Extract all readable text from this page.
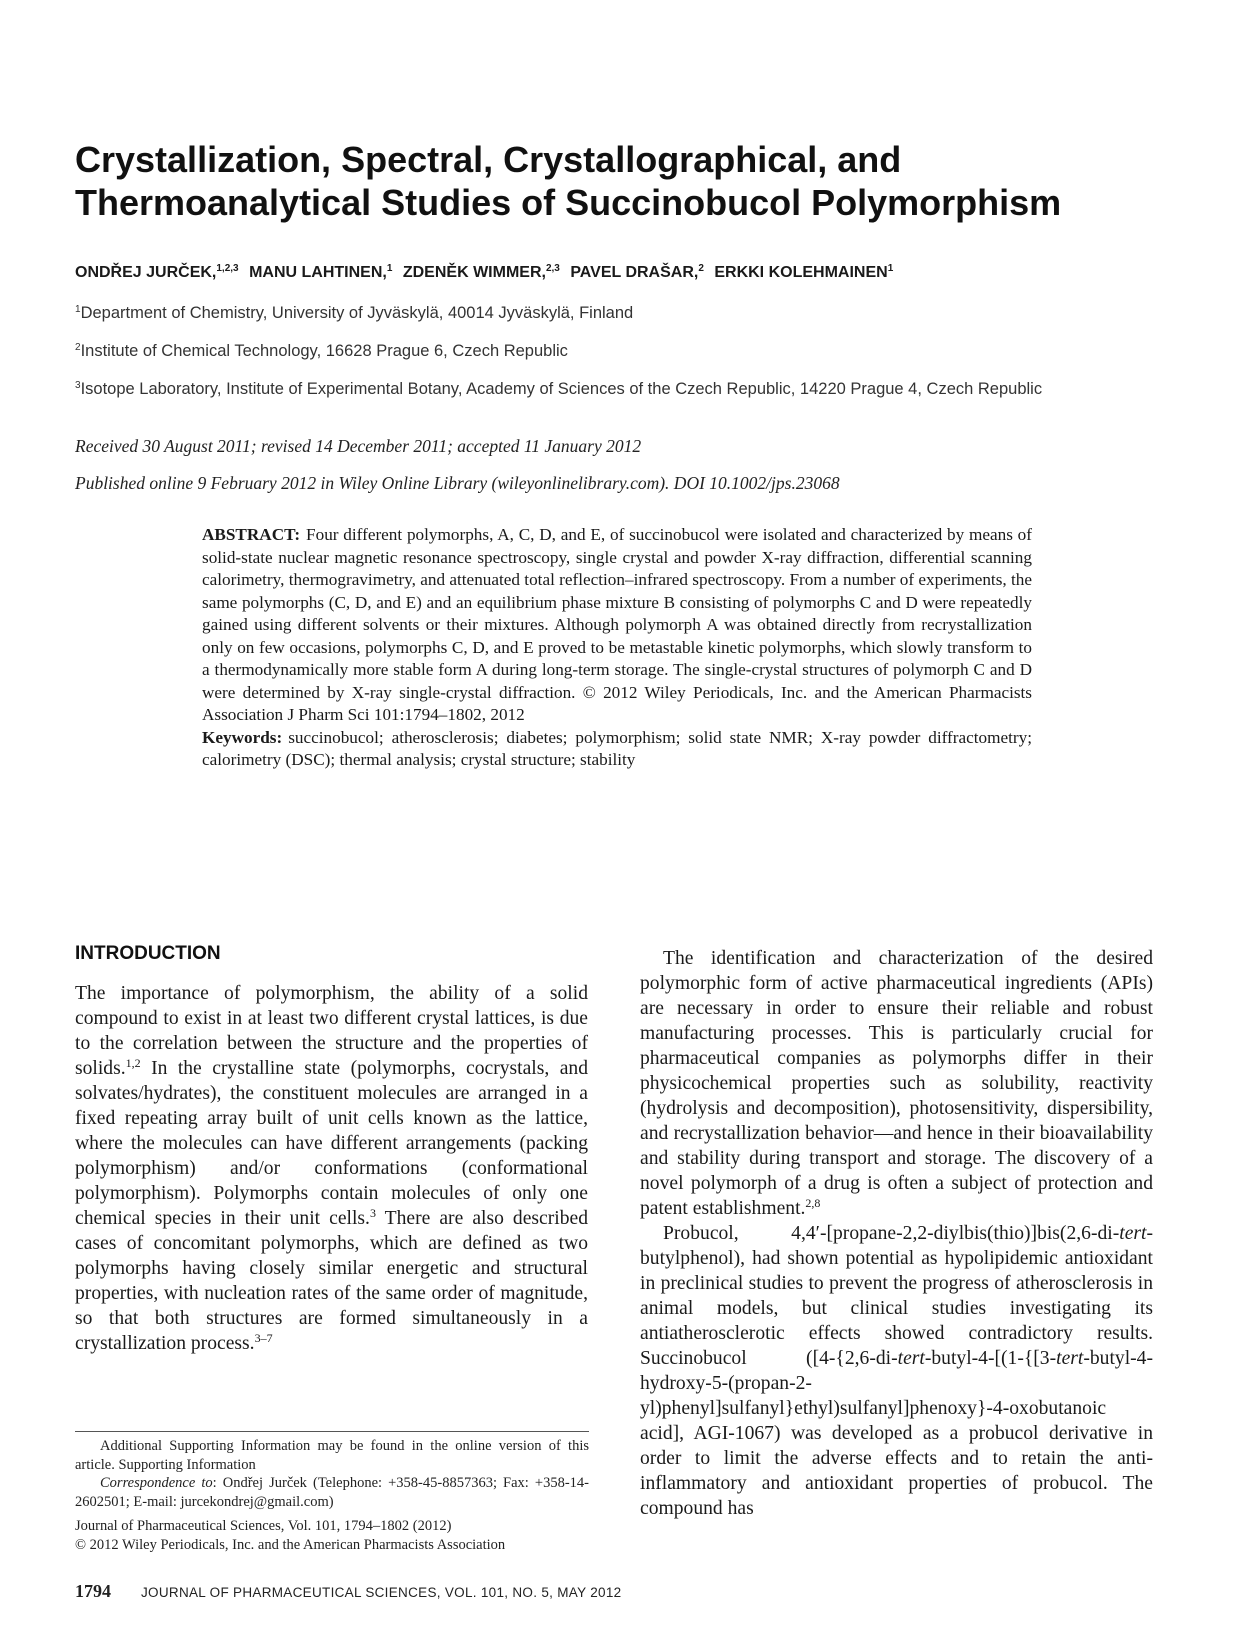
Crystallization, Spectral, Crystallographical, and
Thermoanalytical Studies of Succinobucol Polymorphism
ONDŘEJ JURČEK,$^{1,2,3}$ MANU LAHTINEN,$^1$ ZDENĚK WIMMER,$^{2,3}$ PAVEL DRAŠAR,$^2$ ERKKI KOLEHMAINEN$^1$
$^1$Department of Chemistry, University of Jyväskylä, 40014 Jyväskylä, Finland
$^2$Institute of Chemical Technology, 16628 Prague 6, Czech Republic
$^3$Isotope Laboratory, Institute of Experimental Botany, Academy of Sciences of the Czech Republic, 14220 Prague 4, Czech Republic
Received 30 August 2011; revised 14 December 2011; accepted 11 January 2012
Published online 9 February 2012 in Wiley Online Library (wileyonlinelibrary.com). DOI 10.1002/jps.23068
ABSTRACT: Four different polymorphs, A, C, D, and E, of succinobucol were isolated and characterized by means of solid-state nuclear magnetic resonance spectroscopy, single crystal and powder X-ray diffraction, differential scanning calorimetry, thermogravimetry, and attenuated total reflection–infrared spectroscopy. From a number of experiments, the same polymorphs (C, D, and E) and an equilibrium phase mixture B consisting of polymorphs C and D were repeatedly gained using different solvents or their mixtures. Although polymorph A was obtained directly from recrystallization only on few occasions, polymorphs C, D, and E proved to be metastable kinetic polymorphs, which slowly transform to a thermodynamically more stable form A during long-term storage. The single-crystal structures of polymorph C and D were determined by X-ray single-crystal diffraction. © 2012 Wiley Periodicals, Inc. and the American Pharmacists Association J Pharm Sci 101:1794–1802, 2012
Keywords: succinobucol; atherosclerosis; diabetes; polymorphism; solid state NMR; X-ray powder diffractometry; calorimetry (DSC); thermal analysis; crystal structure; stability
INTRODUCTION

The importance of polymorphism, the ability of a solid compound to exist in at least two different crystal lattices, is due to the correlation between the structure and the properties of solids.$^{1,2}$ In the crystalline state (polymorphs, cocrystals, and solvates/hydrates), the constituent molecules are arranged in a fixed repeating array built of unit cells known as the lattice, where the molecules can have different arrangements (packing polymorphism) and/or conformations (conformational polymorphism). Polymorphs contain molecules of only one chemical species in their unit cells.$^3$ There are also described cases of concomitant polymorphs, which are defined as two polymorphs having closely similar energetic and structural properties, with nucleation rates of the same order of magnitude, so that both structures are formed simultaneously in a crystallization process.$^{3-7}$

The identification and characterization of the desired polymorphic form of active pharmaceutical ingredients (APIs) are necessary in order to ensure their reliable and robust manufacturing processes. This is particularly crucial for pharmaceutical companies as polymorphs differ in their physicochemical properties such as solubility, reactivity (hydrolysis and decomposition), photosensitivity, dispersibility, and recrystallization behavior—and hence in their bioavailability and stability during transport and storage. The discovery of a novel polymorph of a drug is often a subject of protection and patent establishment.$^{2,8}$

Probucol, 4,4′-[propane-2,2-diylbis(thio)]bis(2,6-di-tert-butylphenol), had shown potential as hypolipidemic antioxidant in preclinical studies to prevent the progress of atherosclerosis in animal models, but clinical studies investigating its antiatherosclerotic effects showed contradictory results. Succinobucol ([4-{2,6-di-tert-butyl-4-[(1-{[3-tert-butyl-4-hydroxy-5-(propan-2-yl)phenyl]sulfanyl}ethyl)sulfanyl]phenoxy}-4-oxobutanoic acid], AGI-1067) was developed as a probucol derivative in order to limit the adverse effects and to retain the anti-inflammatory and antioxidant properties of probucol. The compound has

Additional Supporting Information may be found in the online version of this article. Supporting Information

Correspondence to: Ondřej Jurček (Telephone: +358-45-8857363; Fax: +358-14-2602501; E-mail: jurcekondrej@gmail.com)

Journal of Pharmaceutical Sciences, Vol. 101, 1794–1802 (2012)

© 2012 Wiley Periodicals, Inc. and the American Pharmacists Association

1794 JOURNAL OF PHARMACEUTICAL SCIENCES, VOL. 101, NO. 5, MAY 2012
